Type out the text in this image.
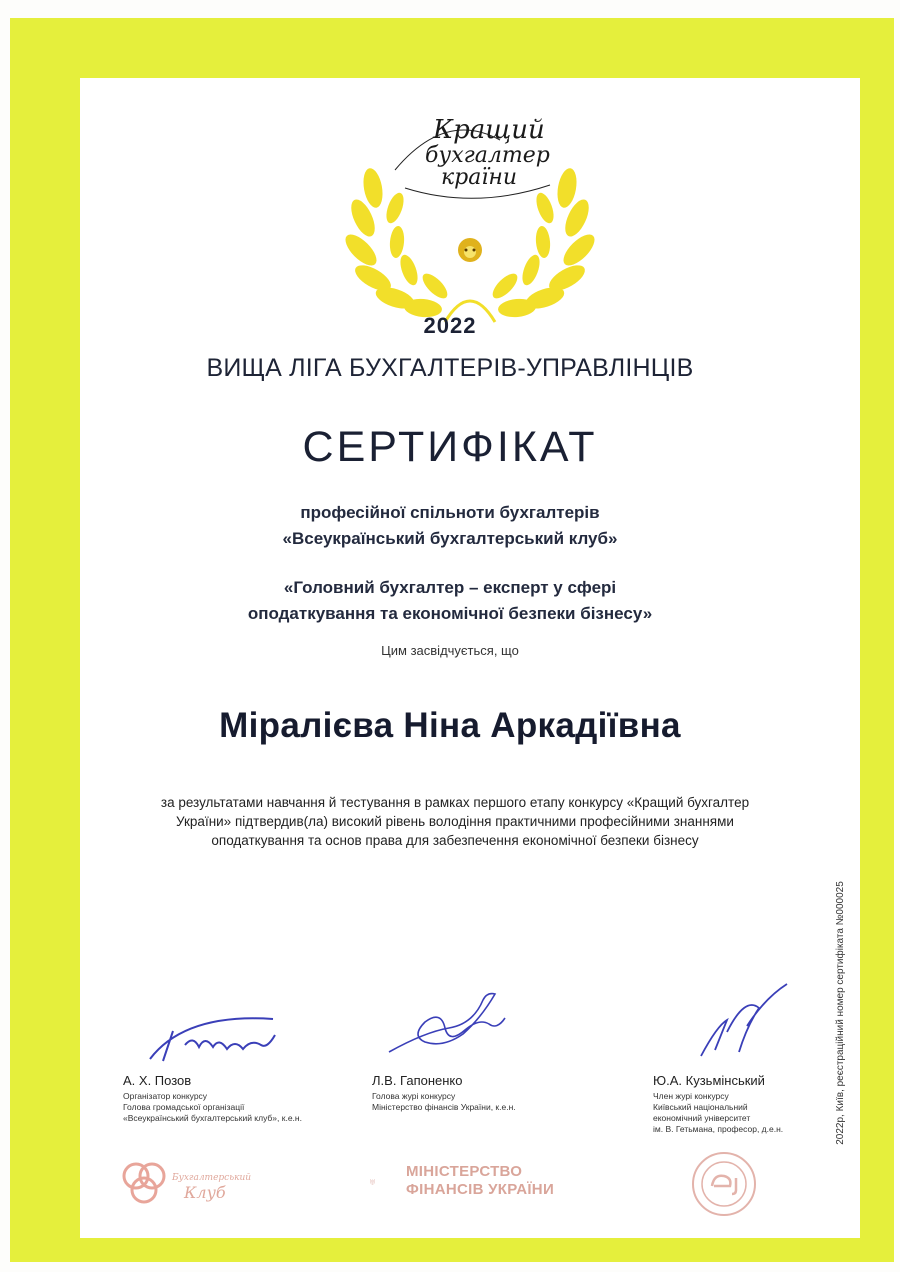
Кращий
бухгалтер
країни
2022
ВИЩА ЛІГА БУХГАЛТЕРІВ-УПРАВЛІНЦІВ
СЕРТИФІКАТ
професійної спільноти бухгалтерів
«Всеукраїнський бухгалтерський клуб»
«Головний бухгалтер – експерт у сфері
оподаткування та економічної безпеки бізнесу»
Цим засвідчується, що
Міралієва Ніна Аркадіївна
за результатами навчання й тестування в рамках першого етапу конкурсу «Кращий бухгалтер
України» підтвердив(ла) високий рівень володіння практичними професійними знаннями
оподаткування та основ права для забезпечення економічної безпеки бізнесу
2022р, Київ, реєстраційний номер сертифіката №000025
А. Х. Позов
Організатор конкурсу
Голова громадської організації
«Всеукраїнський бухгалтерський клуб», к.е.н.
Л.В. Гапоненко
Голова журі конкурсу
Міністерство фінансів України, к.е.н.
Ю.А. Кузьмінський
Член журі конкурсу
Київський національний
економічний університет
ім. В. Гетьмана, професор, д.е.н.
Бухгалтерський
Клуб
МІНІСТЕРСТВО
ФІНАНСІВ УКРАЇНИ
